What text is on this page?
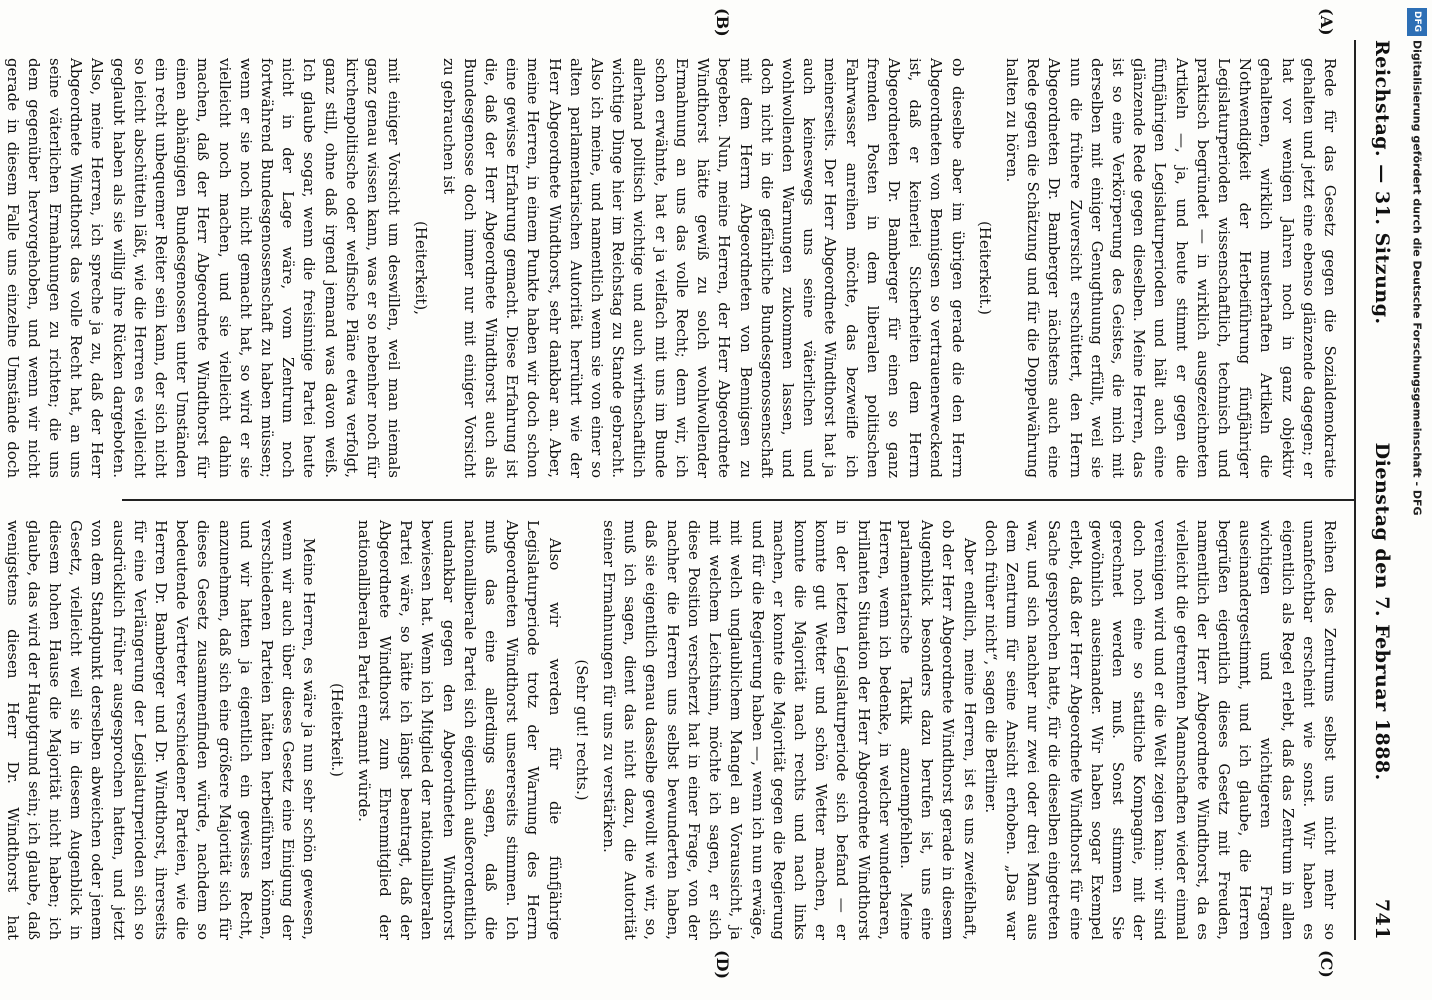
Reichstag. — 31. Sitzung.
Dienstag den 7. Februar 1888.
741
(A)
(B)
(C)
(D)

Rede für das Gesetz gegen die Sozialdemokratie gehalten und jetzt eine ebenso glänzende dagegen; er hat vor wenigen Jahren noch in ganz objektiv gehaltenen, wirklich musterhaften Artikeln die Nothwendigkeit der Herbeiführung fünfjähriger Legislaturperioden wissenschaftlich, technisch und praktisch begründet — in wirklich ausgezeichneten Artikeln —, ja, und heute stimmt er gegen die fünfjährigen Legislaturperioden und hält auch eine glänzende Rede gegen dieselben. Meine Herren, das ist so eine Verkörperung des Geistes, die mich mit derselben mit einiger Genugthuung erfüllt, weil sie nun die frühere Zuversicht erschüttert, den Herrn Abgeordneten Dr. Bamberger nächstens auch eine Rede gegen die Schätzung und für die Doppelwährung halten zu hören.

(Heiterkeit.)

ob dieselbe aber im übrigen gerade die den Herrn Abgeordneten von Bennigsen so vertrauenerweckend ist, daß er keinerlei Sicherheiten dem Herrn Abgeordneten Dr. Bamberger für einen so ganz fremden Posten in dem liberalen politischen Fahrwasser anreihen möchte, das bezweifle ich meinerseits. Der Herr Abgeordnete Windthorst hat ja auch keineswegs uns seine väterlichen und wohlwollenden Warnungen zukommen lassen, und doch nicht in die gefährliche Bundesgenossenschaft mit dem Herrn Abgeordneten von Bennigsen zu begeben. Nun, meine Herren, der Herr Abgeordnete Windthorst hätte gewiß zu solch wohlwollender Ermahnung an uns das volle Recht; denn wir, ich schon erwähnte, hat er ja vielfach mit uns im Bunde allerhand politisch wichtige und auch wirthschaftlich wichtige Dinge hier im Reichstag zu Stande gebracht. Also ich meine, und namentlich wenn sie von einer so alten parlamentarischen Autorität herrührt wie der Herr Abgeordnete Windthorst, sehr dankbar an. Aber, meine Herren, in einem Punkte haben wir doch schon eine gewisse Erfahrung gemacht. Diese Erfahrung ist die, daß der Herr Abgeordnete Windthorst auch als Bundesgenosse doch immer nur mit einiger Vorsicht zu gebrauchen ist

(Heiterkeit),

mit einiger Vorsicht um deswillen, weil man niemals ganz genau wissen kann, was er so nebenher noch für kirchenpolitische oder welfische Pläne etwa verfolgt, ganz still, ohne daß irgend jemand was davon weiß. Ich glaube sogar, wenn die freisinnige Partei heute nicht in der Lage wäre, vom Zentrum noch fortwährend Bundesgenossenschaft zu haben müssen; wenn er sie noch nicht gemacht hat, so wird er sie vielleicht noch machen, und sie vielleicht dahin machen, daß der Herr Abgeordnete Windthorst für einen abhängigen Bundesgenossen unter Umständen ein recht unbequemer Reiter sein kann, der sich nicht so leicht abschütteln läßt, wie die Herren es vielleicht geglaubt haben als sie willig ihre Rücken dargeboten. Also, meine Herren, ich spreche ja zu, daß der Herr Abgeordnete Windthorst das volle Recht hat, an uns seine väterlichen Ermahnungen zu richten; die uns dem gegenüber hervorgehoben, und wenn wir nicht gerade in diesem Falle uns einzelne Umstände doch

Reihen des Zentrums selbst uns nicht mehr so unanfechtbar erscheint wie sonst. Wir haben es eigentlich als Regel erlebt, daß das Zentrum in allen wichtigen und wichtigeren Fragen auseinandergestimmt, und ich glaube, die Herren begrüßen eigentlich dieses Gesetz mit Freuden, namentlich der Herr Abgeordnete Windthorst, da es vielleicht die getrennten Mannschaften wieder einmal vereinigen wird und er die Welt zeigen kann: wir sind doch noch eine so stattliche Kompagnie, mit der gerechnet werden muß. Sonst stimmen Sie gewöhnlich auseinander. Wir haben sogar Exempel erlebt, daß der Herr Abgeordnete Windthorst für eine Sache gesprochen hatte, für die dieselben eingetreten war, und sich nachher nur zwei oder drei Mann aus dem Zentrum für seine Ansicht erhoben. „Das war doch früher nicht“, sagen die Berliner.

Aber endlich, meine Herren, ist es uns zweifelhaft, ob der Herr Abgeordnete Windthorst gerade in diesem Augenblick besonders dazu berufen ist, uns eine parlamentarische Taktik anzuempfehlen. Meine Herren, wenn ich bedenke, in welcher wunderbaren, brillanten Situation der Herr Abgeordnete Windthorst in der letzten Legislaturperiode sich befand — er konnte gut Wetter und schön Wetter machen, er konnte die Majorität nach rechts und nach links machen, er konnte die Majorität gegen die Regierung und für die Regierung haben —, wenn ich nun erwäge, mit welch unglaublichem Mangel an Voraussicht, ja mit welchem Leichtsinn, möchte ich sagen, er sich diese Position verscherzt hat in einer Frage, von der nachher die Herren uns selbst bewunderten haben, daß sie eigentlich genau dasselbe gewollt wie wir, so, muß ich sagen, dient das nicht dazu, die Autorität seiner Ermahnungen für uns zu verstärken.

(Sehr gut! rechts.)

Also wir werden für die fünfjährige Legislaturperiode trotz der Warnung des Herrn Abgeordneten Windthorst unsererseits stimmen. Ich muß das eine allerdings sagen, daß die nationalliberale Partei sich eigentlich außerordentlich undankbar gegen den Abgeordneten Windthorst bewiesen hat. Wenn ich Mitglied der nationalliberalen Partei wäre, so hätte ich längst beantragt, daß der Abgeordnete Windthorst zum Ehrenmitglied der nationalliberalen Partei ernannt würde.

(Heiterkeit.)

Meine Herren, es wäre ja nun sehr schön gewesen, wenn wir auch über dieses Gesetz eine Einigung der verschiedenen Parteien hätten herbeiführen können, und wir hatten ja eigentlich ein gewisses Recht, anzunehmen, daß sich eine größere Majorität sich für dieses Gesetz zusammenfinden würde, nachdem so bedeutende Vertreter verschiedener Parteien, wie die Herren Dr. Bamberger und Dr. Windthorst, ihrerseits für eine Verlängerung der Legislaturperioden sich so ausdrücklich früher ausgesprochen hatten, und jetzt von dem Standpunkt derselben abweichen oder jenem Gesetz, vielleicht weil sie in diesem Augenblick in diesem hohen Hause die Majorität nicht haben; ich glaube, das wird der Hauptgrund sein; ich glaube, daß wenigstens diesen Herr Dr. Windthorst hat

DFG
Digitalisierung gefördert durch die Deutsche Forschungsgemeinschaft - DFG
